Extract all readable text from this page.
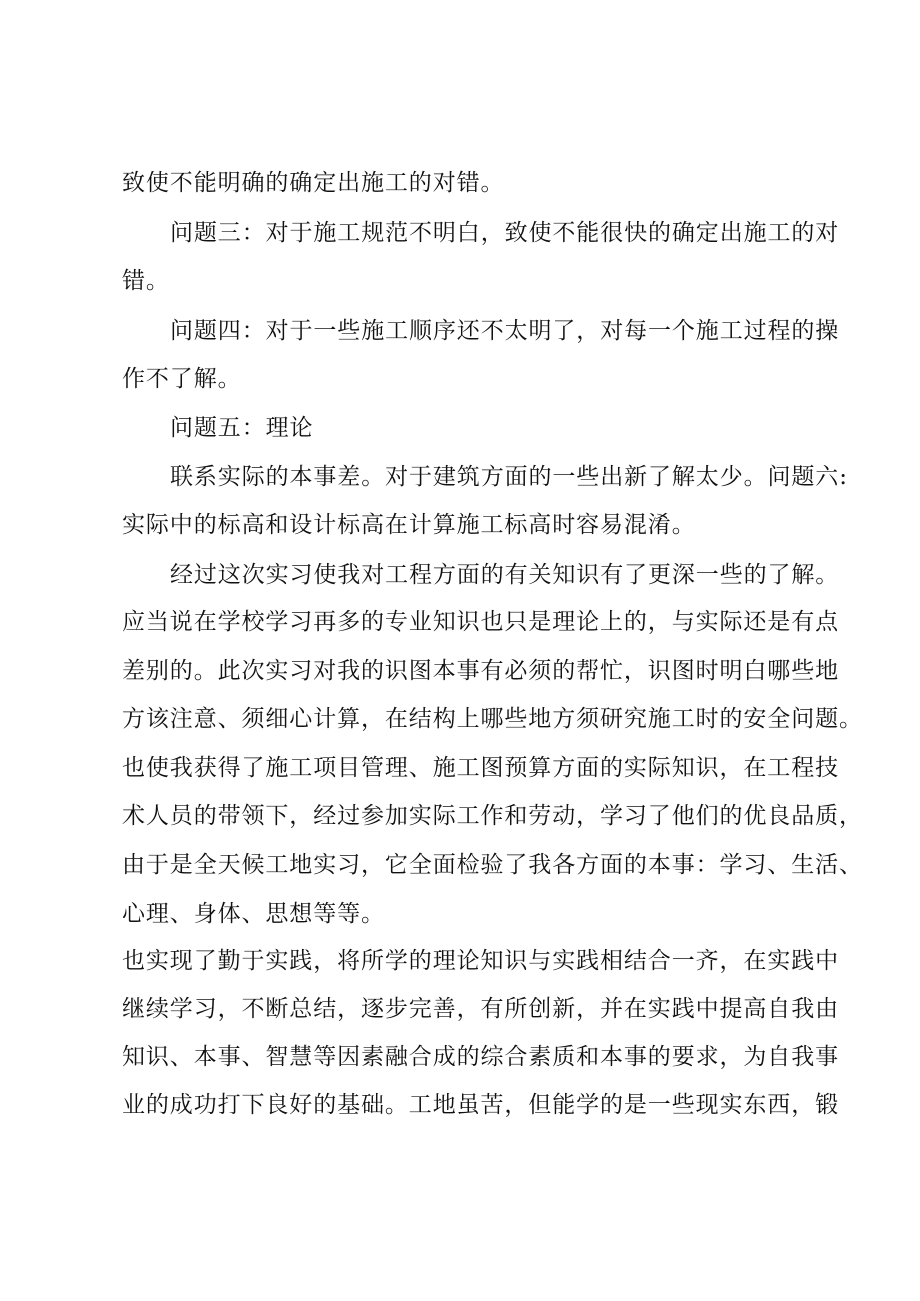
致使不能明确的确定出施工的对错。
问题三：对于施工规范不明白，致使不能很快的确定出施工的对
错。
问题四：对于一些施工顺序还不太明了，对每一个施工过程的操
作不了解。
问题五：理论
联系实际的本事差。对于建筑方面的一些出新了解太少。问题六:
实际中的标高和设计标高在计算施工标高时容易混淆。
经过这次实习使我对工程方面的有关知识有了更深一些的了解。
应当说在学校学习再多的专业知识也只是理论上的，与实际还是有点
差别的。此次实习对我的识图本事有必须的帮忙，识图时明白哪些地
方该注意、须细心计算，在结构上哪些地方须研究施工时的安全问题。
也使我获得了施工项目管理、施工图预算方面的实际知识，在工程技
术人员的带领下，经过参加实际工作和劳动，学习了他们的优良品质，
由于是全天候工地实习，它全面检验了我各方面的本事：学习、生活、
心理、身体、思想等等。
也实现了勤于实践，将所学的理论知识与实践相结合一齐，在实践中
继续学习，不断总结，逐步完善，有所创新，并在实践中提高自我由
知识、本事、智慧等因素融合成的综合素质和本事的要求，为自我事
业的成功打下良好的基础。工地虽苦，但能学的是一些现实东西，锻
